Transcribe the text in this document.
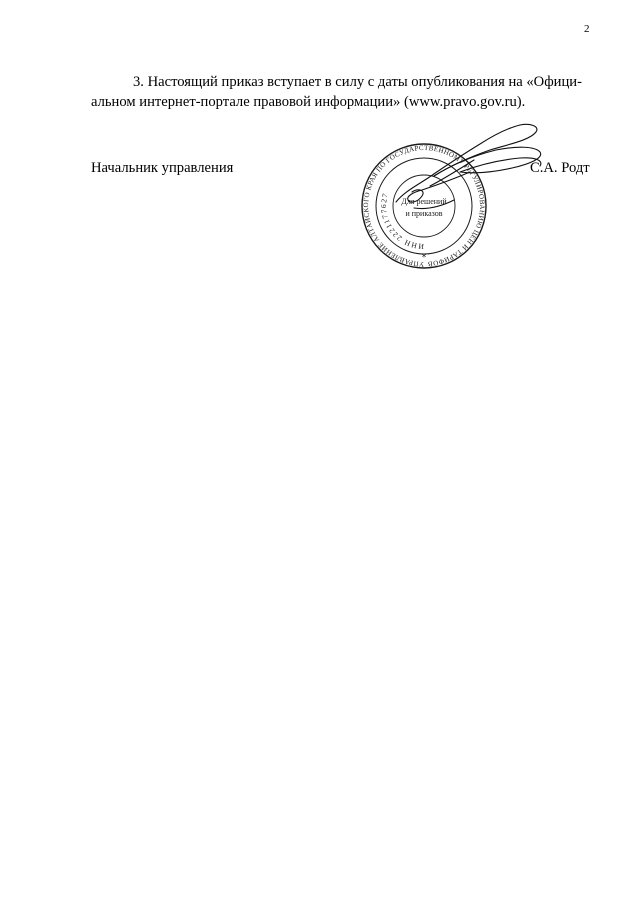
2

3. Настоящий приказ вступает в силу с даты опубликования на «Офици-
альном интернет-портале правовой информации» (www.pravo.gov.ru).

Начальник управления	С.А. Родт
УПРАВЛЕНИЕ АЛТАЙСКОГО КРАЯ ПО ГОСУДАРСТВЕННОМУ РЕГУЛИРОВАНИЮ ЦЕН И ТАРИФОВ
ИНН 2221177627
Для решений
и приказов
*
